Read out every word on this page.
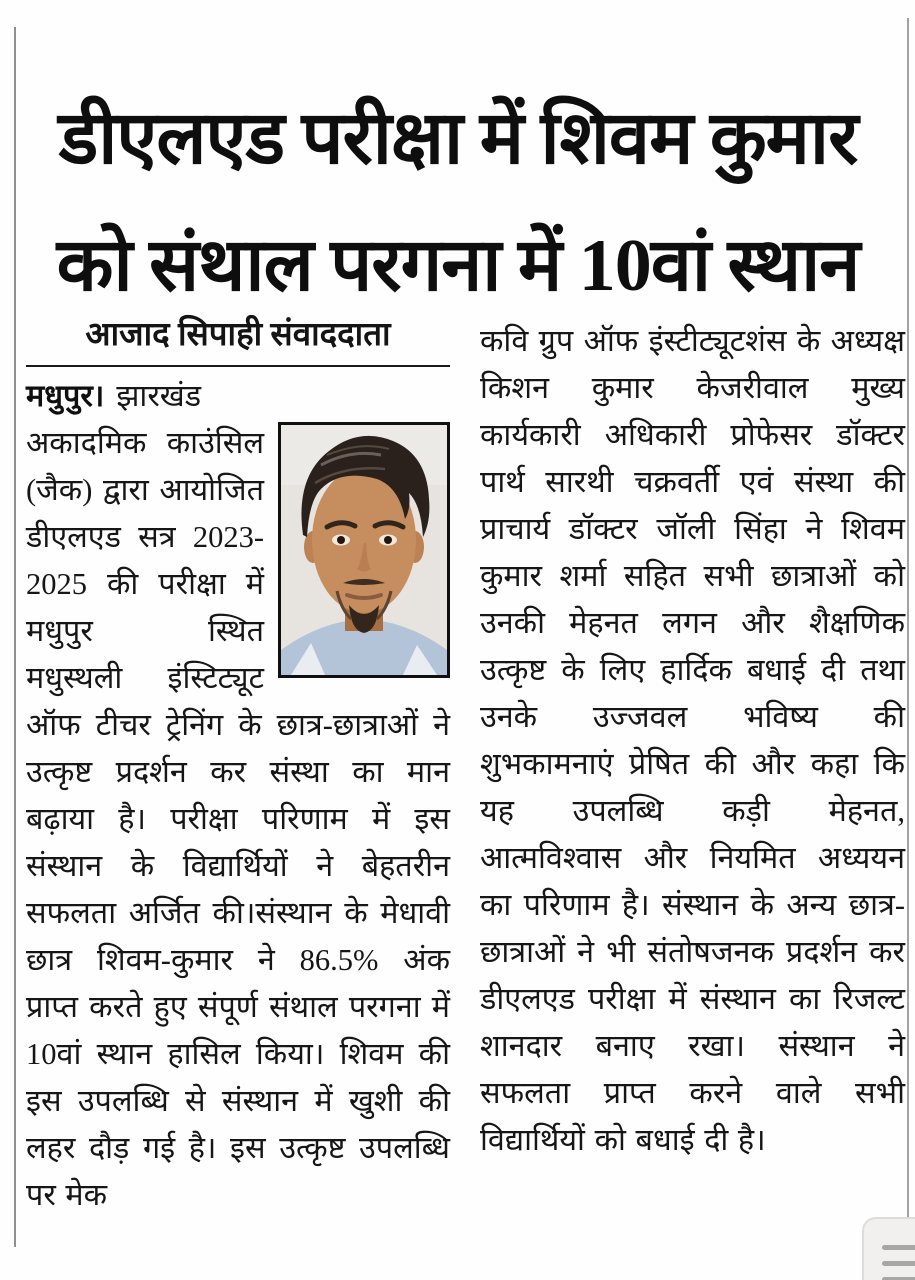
डीएलएड परीक्षा में शिवम कुमार
को संथाल परगना में 10वां स्थान
आजाद सिपाही संवाददाता

मधुपुर। झारखंड अकादमिक काउंसिल (जैक) द्वारा आयोजित डीएलएड सत्र 2023-2025 की परीक्षा में मधुपुर स्थित मधुस्थली इंस्टिट्यूट ऑफ टीचर ट्रेनिंग के छात्र-छात्राओं ने उत्कृष्ट प्रदर्शन कर संस्था का मान बढ़ाया है। परीक्षा परिणाम में इस संस्थान के विद्यार्थियों ने बेहतरीन सफलता अर्जित की।संस्थान के मेधावी छात्र शिवम-कुमार ने 86.5% अंक प्राप्त करते हुए संपूर्ण संथाल परगना में 10वां स्थान हासिल किया। शिवम की इस उपलब्धि से संस्थान में खुशी की लहर दौड़ गई है। इस उत्कृष्ट उपलब्धि पर मेक

कवि ग्रुप ऑफ इंस्टीट्यूटशंस के अध्यक्ष किशन कुमार केजरीवाल मुख्य कार्यकारी अधिकारी प्रोफेसर डॉक्टर पार्थ सारथी चक्रवर्ती एवं संस्था की प्राचार्य डॉक्टर जॉली सिंहा ने शिवम कुमार शर्मा सहित सभी छात्राओं को उनकी मेहनत लगन और शैक्षणिक उत्कृष्ट के लिए हार्दिक बधाई दी तथा उनके उज्जवल भविष्य की शुभकामनाएं प्रेषित की और कहा कि यह उपलब्धि कड़ी मेहनत, आत्मविश्वास और नियमित अध्ययन का परिणाम है। संस्थान के अन्य छात्र-छात्राओं ने भी संतोषजनक प्रदर्शन कर डीएलएड परीक्षा में संस्थान का रिजल्ट शानदार बनाए रखा। संस्थान ने सफलता प्राप्त करने वाले सभी विद्यार्थियों को बधाई दी है।
